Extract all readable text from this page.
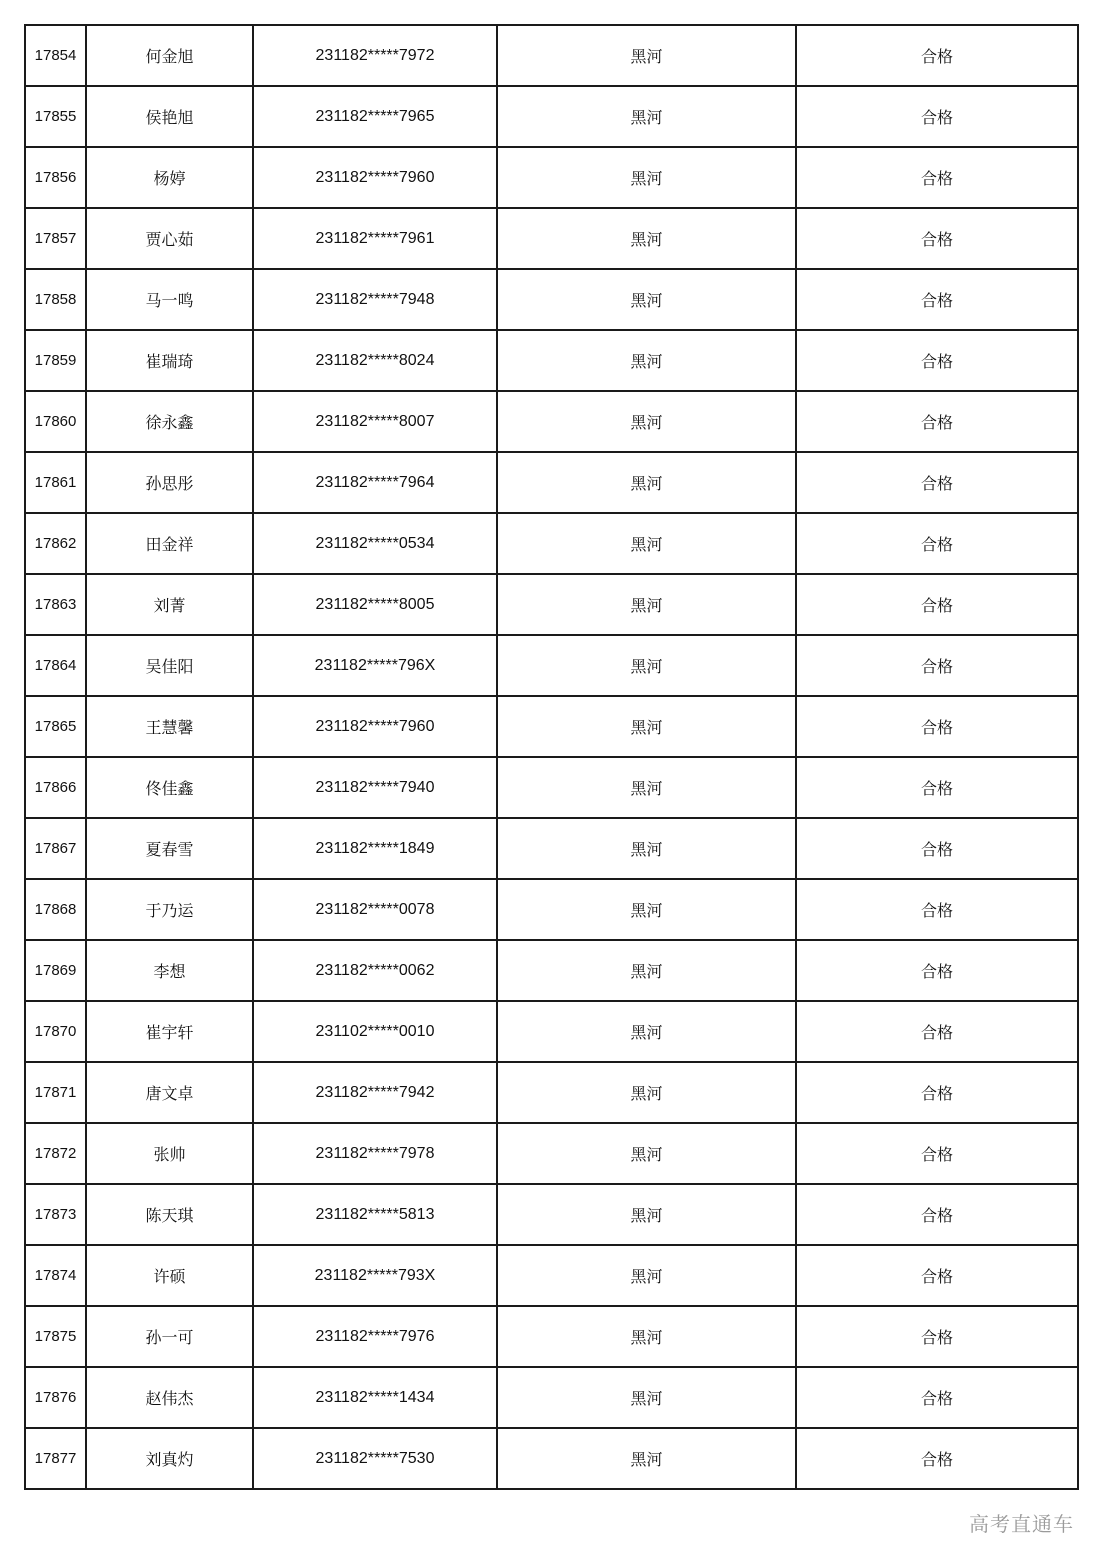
17854	何金旭	231182*****7972	黑河	合格
17855	侯艳旭	231182*****7965	黑河	合格
17856	杨婷	231182*****7960	黑河	合格
17857	贾心茹	231182*****7961	黑河	合格
17858	马一鸣	231182*****7948	黑河	合格
17859	崔瑞琦	231182*****8024	黑河	合格
17860	徐永鑫	231182*****8007	黑河	合格
17861	孙思彤	231182*****7964	黑河	合格
17862	田金祥	231182*****0534	黑河	合格
17863	刘菁	231182*****8005	黑河	合格
17864	吴佳阳	231182*****796X	黑河	合格
17865	王慧馨	231182*****7960	黑河	合格
17866	佟佳鑫	231182*****7940	黑河	合格
17867	夏春雪	231182*****1849	黑河	合格
17868	于乃运	231182*****0078	黑河	合格
17869	李想	231182*****0062	黑河	合格
17870	崔宇轩	231102*****0010	黑河	合格
17871	唐文卓	231182*****7942	黑河	合格
17872	张帅	231182*****7978	黑河	合格
17873	陈天琪	231182*****5813	黑河	合格
17874	许硕	231182*****793X	黑河	合格
17875	孙一可	231182*****7976	黑河	合格
17876	赵伟杰	231182*****1434	黑河	合格
17877	刘真灼	231182*****7530	黑河	合格
高考直通车
